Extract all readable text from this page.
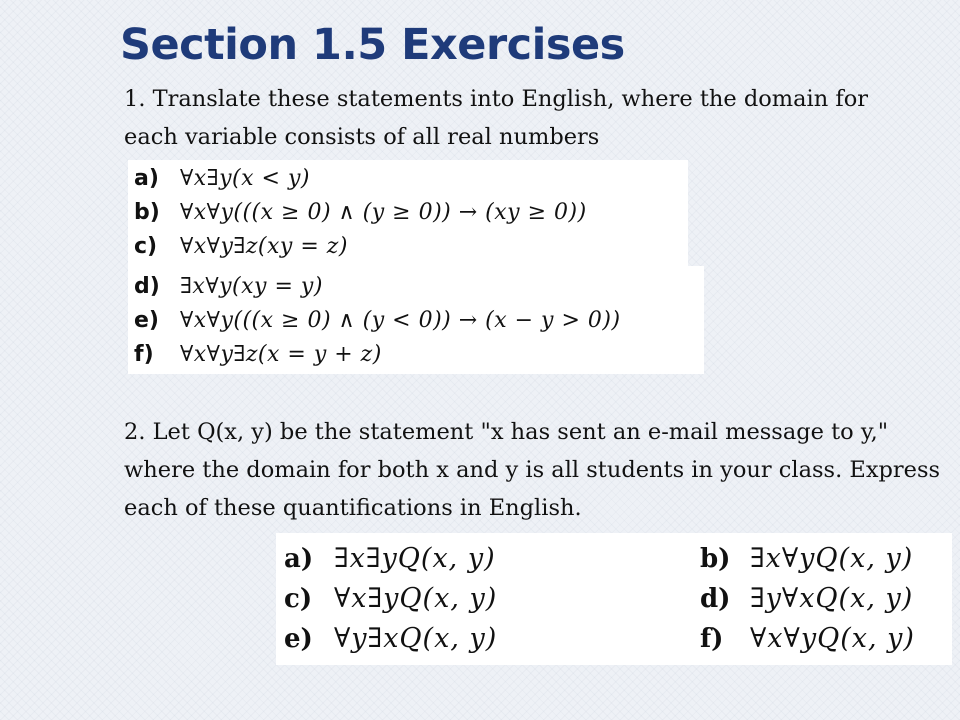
Section 1.5 Exercises

1. Translate these statements into English, where the domain for each variable consists of all real numbers

a) ∀x∃y(x < y)
b) ∀x∀y(((x ≥ 0) ∧ (y ≥ 0)) → (xy ≥ 0))
c) ∀x∀y∃z(xy = z)
d) ∃x∀y(xy = y)
e) ∀x∀y(((x ≥ 0) ∧ (y < 0)) → (x − y > 0))
f) ∀x∀y∃z(x = y + z)

2. Let Q(x, y) be the statement "x has sent an e-mail message to y," where the domain for both x and y is all students in your class. Express each of these quantifications in English.

a) ∃x∃yQ(x, y)	b) ∃x∀yQ(x, y)
c) ∀x∃yQ(x, y)	d) ∃y∀xQ(x, y)
e) ∀y∃xQ(x, y)	f) ∀x∀yQ(x, y)
